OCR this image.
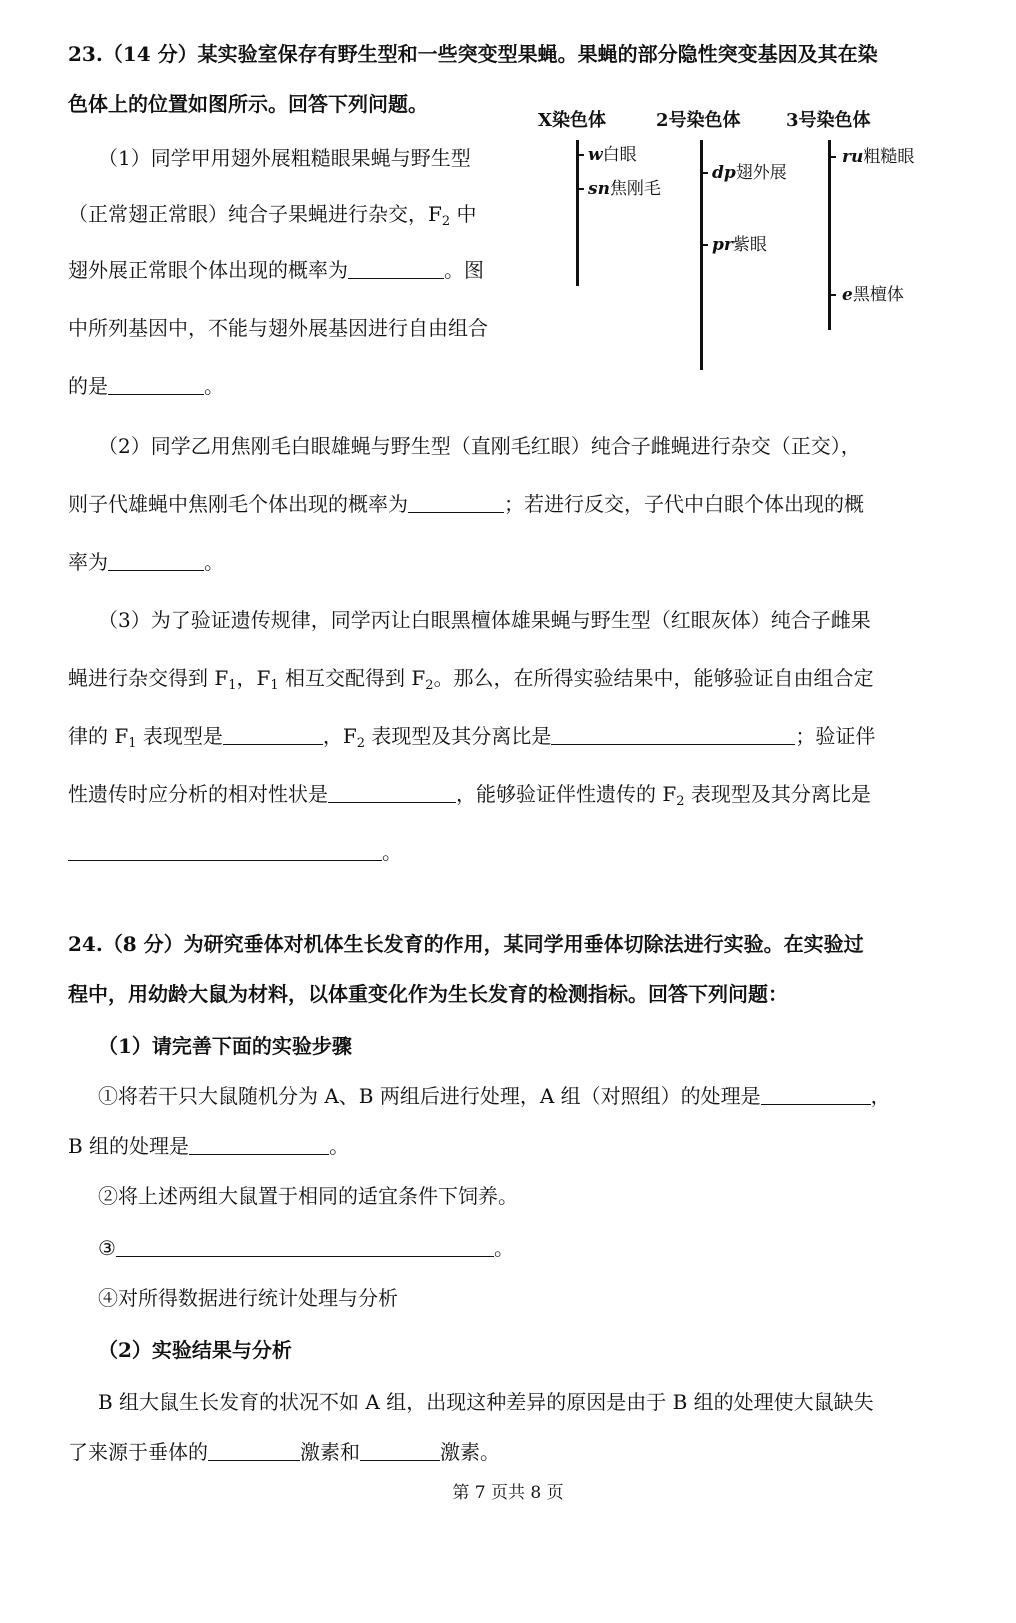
23.（14 分）某实验室保存有野生型和一些突变型果蝇。果蝇的部分隐性突变基因及其在染
色体上的位置如图所示。回答下列问题。
（1）同学甲用翅外展粗糙眼果蝇与野生型
（正常翅正常眼）纯合子果蝇进行杂交，$F_2$ 中
翅外展正常眼个体出现的概率为	。图
中所列基因中，不能与翅外展基因进行自由组合
的是	。
X染色体	2号染色体	3号染色体
w白眼
sn焦刚毛
dp翅外展
pr紫眼
ru粗糙眼
e黑檀体
（2）同学乙用焦刚毛白眼雄蝇与野生型（直刚毛红眼）纯合子雌蝇进行杂交（正交），
则子代雄蝇中焦刚毛个体出现的概率为	；若进行反交，子代中白眼个体出现的概
率为	。
（3）为了验证遗传规律，同学丙让白眼黑檀体雄果蝇与野生型（红眼灰体）纯合子雌果
蝇进行杂交得到 $F_1$，$F_1$ 相互交配得到 $F_2$。那么，在所得实验结果中，能够验证自由组合定
律的 $F_1$ 表现型是	，$F_2$ 表现型及其分离比是	；验证伴
性遗传时应分析的相对性状是	，能够验证伴性遗传的 $F_2$ 表现型及其分离比是
。
24.（8 分）为研究垂体对机体生长发育的作用，某同学用垂体切除法进行实验。在实验过
程中，用幼龄大鼠为材料，以体重变化作为生长发育的检测指标。回答下列问题：
（1）请完善下面的实验步骤
①将若干只大鼠随机分为 A、B 两组后进行处理，A 组（对照组）的处理是	，
B 组的处理是	。
②将上述两组大鼠置于相同的适宜条件下饲养。
③	。
④对所得数据进行统计处理与分析
（2）实验结果与分析
B 组大鼠生长发育的状况不如 A 组，出现这种差异的原因是由于 B 组的处理使大鼠缺失
了来源于垂体的	激素和	激素。
第 7 页共 8 页
